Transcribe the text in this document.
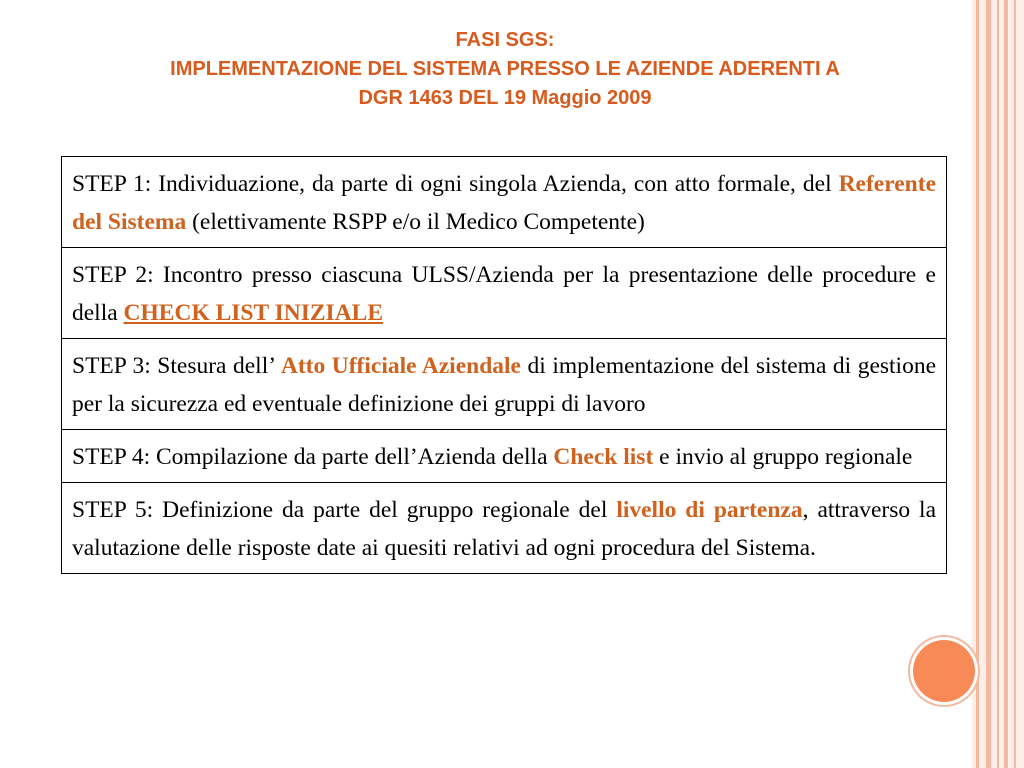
FASI SGS:
IMPLEMENTAZIONE DEL SISTEMA PRESSO LE AZIENDE ADERENTI A
DGR 1463 DEL 19 Maggio 2009
STEP 1: Individuazione, da parte di ogni singola Azienda, con atto formale, del Referente del Sistema (elettivamente RSPP e/o il Medico Competente)
STEP 2: Incontro presso ciascuna ULSS/Azienda per la presentazione delle procedure e della CHECK LIST INIZIALE
STEP 3: Stesura dell’ Atto Ufficiale Aziendale di implementazione del sistema di gestione per la sicurezza ed eventuale definizione dei gruppi di lavoro
STEP 4: Compilazione da parte dell’Azienda della Check list e invio al gruppo regionale
STEP 5: Definizione da parte del gruppo regionale del livello di partenza, attraverso la valutazione delle risposte date ai quesiti relativi ad ogni procedura del Sistema.
